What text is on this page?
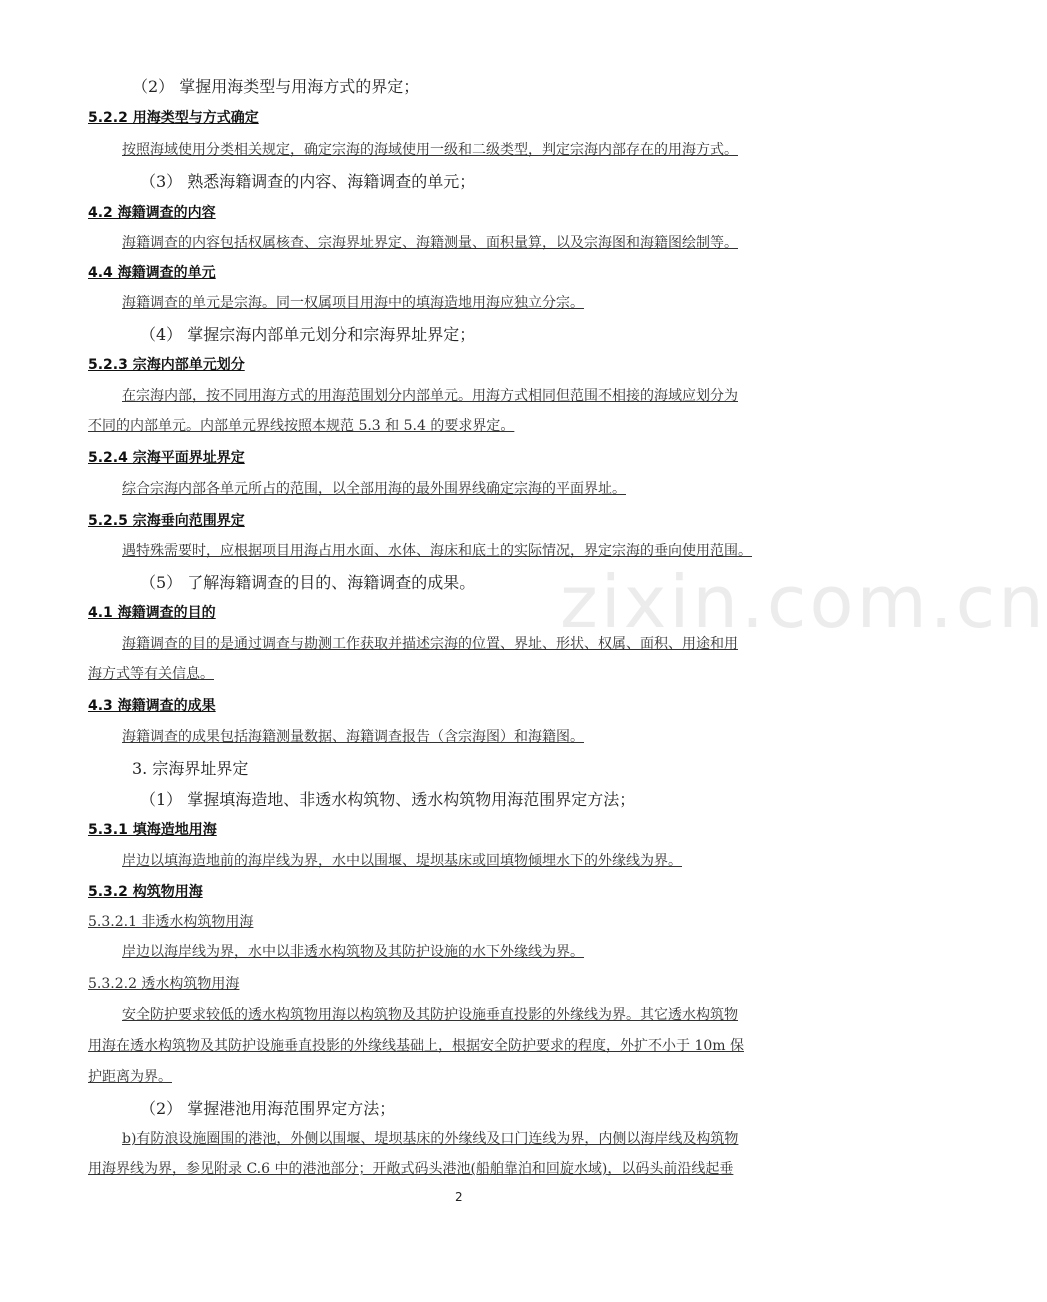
zixin.com.cn
（2） 掌握用海类型与用海方式的界定；
5.2.2 用海类型与方式确定
按照海域使用分类相关规定，确定宗海的海域使用一级和二级类型，判定宗海内部存在的用海方式。
（3） 熟悉海籍调查的内容、海籍调查的单元；
4.2 海籍调查的内容
海籍调查的内容包括权属核查、宗海界址界定、海籍测量、面积量算，以及宗海图和海籍图绘制等。
4.4 海籍调查的单元
海籍调查的单元是宗海。同一权属项目用海中的填海造地用海应独立分宗。
（4） 掌握宗海内部单元划分和宗海界址界定；
5.2.3 宗海内部单元划分
在宗海内部，按不同用海方式的用海范围划分内部单元。用海方式相同但范围不相接的海域应划分为
不同的内部单元。内部单元界线按照本规范 5.3 和 5.4 的要求界定。
5.2.4 宗海平面界址界定
综合宗海内部各单元所占的范围，以全部用海的最外围界线确定宗海的平面界址。
5.2.5 宗海垂向范围界定
遇特殊需要时，应根据项目用海占用水面、水体、海床和底土的实际情况，界定宗海的垂向使用范围。
（5） 了解海籍调查的目的、海籍调查的成果。
4.1 海籍调查的目的
海籍调查的目的是通过调查与勘测工作获取并描述宗海的位置、界址、形状、权属、面积、用途和用
海方式等有关信息。
4.3 海籍调查的成果
海籍调查的成果包括海籍测量数据、海籍调查报告（含宗海图）和海籍图。
3. 宗海界址界定
（1） 掌握填海造地、非透水构筑物、透水构筑物用海范围界定方法；
5.3.1 填海造地用海
岸边以填海造地前的海岸线为界，水中以围堰、堤坝基床或回填物倾埋水下的外缘线为界。
5.3.2 构筑物用海
5.3.2.1 非透水构筑物用海
岸边以海岸线为界，水中以非透水构筑物及其防护设施的水下外缘线为界。
5.3.2.2 透水构筑物用海
安全防护要求较低的透水构筑物用海以构筑物及其防护设施垂直投影的外缘线为界。其它透水构筑物
用海在透水构筑物及其防护设施垂直投影的外缘线基础上，根据安全防护要求的程度，外扩不小于 10m 保
护距离为界。
（2） 掌握港池用海范围界定方法；
b)有防浪设施圈围的港池，外侧以围堰、堤坝基床的外缘线及口门连线为界，内侧以海岸线及构筑物
用海界线为界，参见附录 C.6 中的港池部分；开敞式码头港池(船舶靠泊和回旋水域)，以码头前沿线起垂
2
